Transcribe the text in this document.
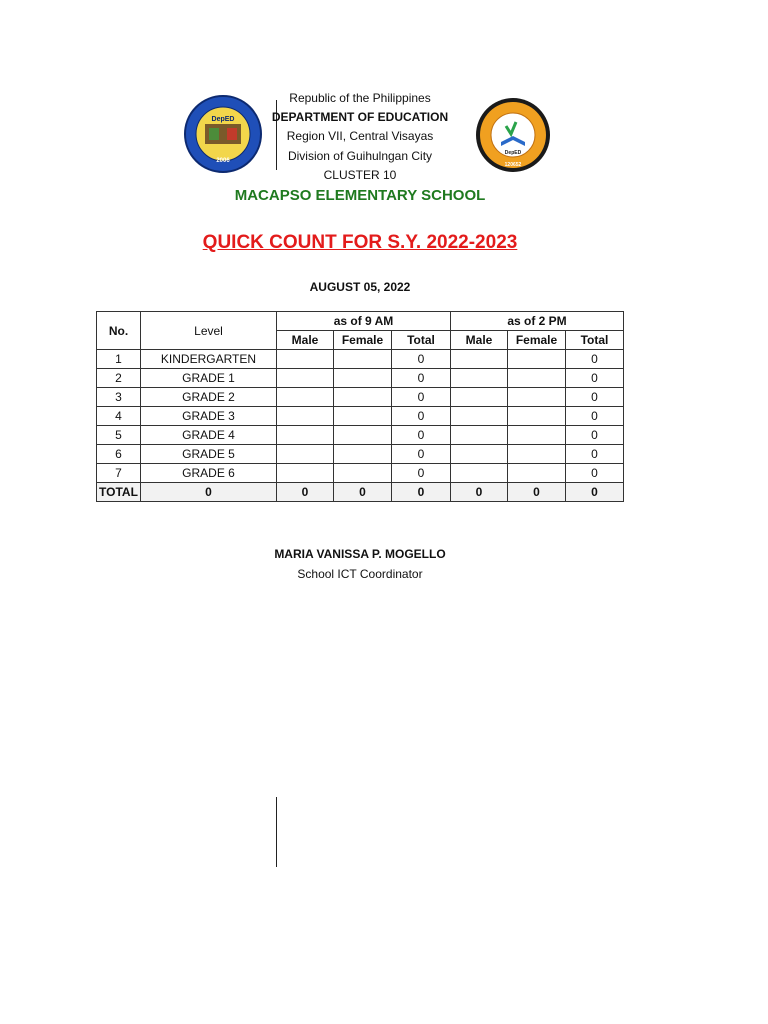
DepED
2006
Republic of the Philippines
DEPARTMENT OF EDUCATION
Region VII, Central Visayas
Division of Guihulngan City
CLUSTER 10
DepED
120652
MACAPSO ELEMENTARY SCHOOL
QUICK COUNT FOR S.Y. 2022-2023
AUGUST 05, 2022
No.	Level	as of 9 AM			as of 2 PM		
		Male	Female	Total	Male	Female	Total
1	KINDERGARTEN			0			0
2	GRADE 1			0			0
3	GRADE 2			0			0
4	GRADE 3			0			0
5	GRADE 4			0			0
6	GRADE 5			0			0
7	GRADE 6			0			0
TOTAL	0	0	0	0	0	0	0
MARIA VANISSA P. MOGELLO
School ICT Coordinator
